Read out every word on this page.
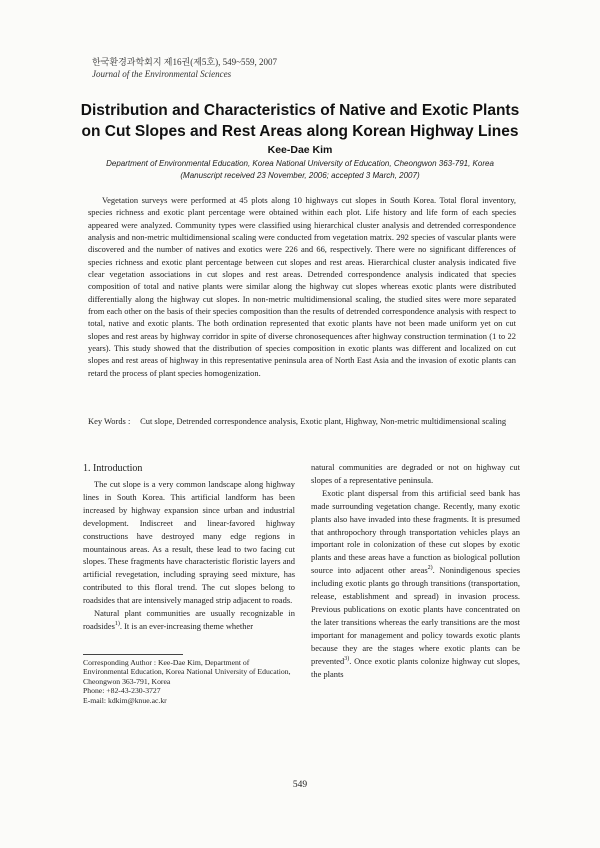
한국환경과학회지 제16권(제5호), 549~559, 2007
Journal of the Environmental Sciences
Distribution and Characteristics of Native and Exotic Plants
on Cut Slopes and Rest Areas along Korean Highway Lines
Kee-Dae Kim
Department of Environmental Education, Korea National University of Education, Cheongwon 363-791, Korea
(Manuscript received 23 November, 2006; accepted 3 March, 2007)

Vegetation surveys were performed at 45 plots along 10 highways cut slopes in South Korea. Total floral inventory, species richness and exotic plant percentage were obtained within each plot. Life history and life form of each species appeared were analyzed. Community types were classified using hierarchical cluster analysis and detrended correspondence analysis and non-metric multidimensional scaling were conducted from vegetation matrix. 292 species of vascular plants were discovered and the number of natives and exotics were 226 and 66, respectively. There were no significant differences of species richness and exotic plant percentage between cut slopes and rest areas. Hierarchical cluster analysis indicated five clear vegetation associations in cut slopes and rest areas. Detrended correspondence analysis indicated that species composition of total and native plants were similar along the highway cut slopes whereas exotic plants were distributed differentially along the highway cut slopes. In non-metric multidimensional scaling, the studied sites were more separated from each other on the basis of their species composition than the results of detrended correspondence analysis with respect to total, native and exotic plants. The both ordination represented that exotic plants have not been made uniform yet on cut slopes and rest areas by highway corridor in spite of diverse chronosequences after highway construction termination (1 to 22 years). This study showed that the distribution of species composition in exotic plants was different and localized on cut slopes and rest areas of highway in this representative peninsula area of North East Asia and the invasion of exotic plants can retard the process of plant species homogenization.

Key Words : Cut slope, Detrended correspondence analysis, Exotic plant, Highway, Non-metric multidimensional scaling
1. Introduction

The cut slope is a very common landscape along highway lines in South Korea. This artificial landform has been increased by highway expansion since urban and industrial development. Indiscreet and linear-favored highway constructions have destroyed many edge regions in mountainous areas. As a result, these lead to two facing cut slopes. These fragments have characteristic floristic layers and artificial revegetation, including spraying seed mixture, has contributed to this floral trend. The cut slopes belong to roadsides that are intensively managed strip adjacent to roads.

Natural plant communities are usually recognizable in roadsides$^{1)}$. It is an ever-increasing theme whether

Corresponding Author : Kee-Dae Kim, Department of Environmental Education, Korea National University of Education, Cheongwon 363-791, Korea
Phone: +82-43-230-3727
E-mail: kdkim@knue.ac.kr

natural communities are degraded or not on highway cut slopes of a representative peninsula.

Exotic plant dispersal from this artificial seed bank has made surrounding vegetation change. Recently, many exotic plants also have invaded into these fragments. It is presumed that anthropochory through transportation vehicles plays an important role in colonization of these cut slopes by exotic plants and these areas have a function as biological pollution source into adjacent other areas$^{2)}$. Nonindigenous species including exotic plants go through transitions (transportation, release, establishment and spread) in invasion process. Previous publications on exotic plants have concentrated on the later transitions whereas the early transitions are the most important for management and policy towards exotic plants because they are the stages where exotic plants can be prevented$^{3)}$. Once exotic plants colonize highway cut slopes, the plants

549
